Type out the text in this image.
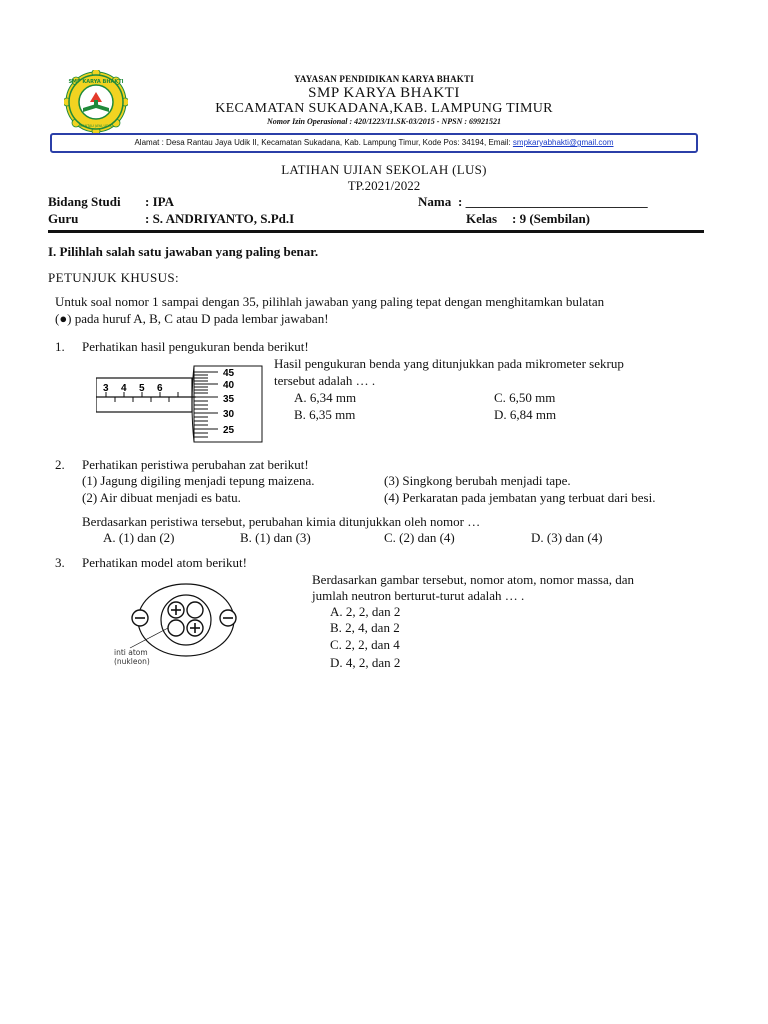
SMP KARYA BHAKTI
RANTAU JAYA UDIK
YAYASAN PENDIDIKAN KARYA BHAKTI
SMP KARYA BHAKTI
KECAMATAN SUKADANA,KAB. LAMPUNG TIMUR
Nomor Izin Operasional : 420/1223/11.SK-03/2015 - NPSN : 69921521
Alamat : Desa Rantau Jaya Udik II, Kecamatan Sukadana, Kab. Lampung Timur, Kode Pos: 34194, Email: smpkaryabhakti@gmail.com
LATIHAN UJIAN SEKOLAH (LUS)
TP.2021/2022
Bidang Studi : IPA	Nama : ____________________________
Guru	: S. ANDRIYANTO, S.Pd.I	Kelas : 9 (Sembilan)
I. Pilihlah salah satu jawaban yang paling benar.
PETUNJUK KHUSUS:
Untuk soal nomor 1 sampai dengan 35, pilihlah jawaban yang paling tepat dengan menghitamkan bulatan
(●) pada huruf A, B, C atau D pada lembar jawaban!
1. Perhatikan hasil pengukuran benda berikut!
3 4 5 6
45
40
35
30
25
Hasil pengukuran benda yang ditunjukkan pada mikrometer sekrup
tersebut adalah … .
A. 6,34 mm
B. 6,35 mm
C. 6,50 mm
D. 6,84 mm
2. Perhatikan peristiwa perubahan zat berikut!
(1) Jagung digiling menjadi tepung maizena.	(3) Singkong berubah menjadi tape.
(2) Air dibuat menjadi es batu.	(4) Perkaratan pada jembatan yang terbuat dari besi.
Berdasarkan peristiwa tersebut, perubahan kimia ditunjukkan oleh nomor …
A. (1) dan (2)	B. (1) dan (3)	C. (2) dan (4)	D. (3) dan (4)
3. Perhatikan model atom berikut!
inti atom
(nukleon)
Berdasarkan gambar tersebut, nomor atom, nomor massa, dan
jumlah neutron berturut-turut adalah … .
A. 2, 2, dan 2
B. 2, 4, dan 2
C. 2, 2, dan 4
D. 4, 2, dan 2
